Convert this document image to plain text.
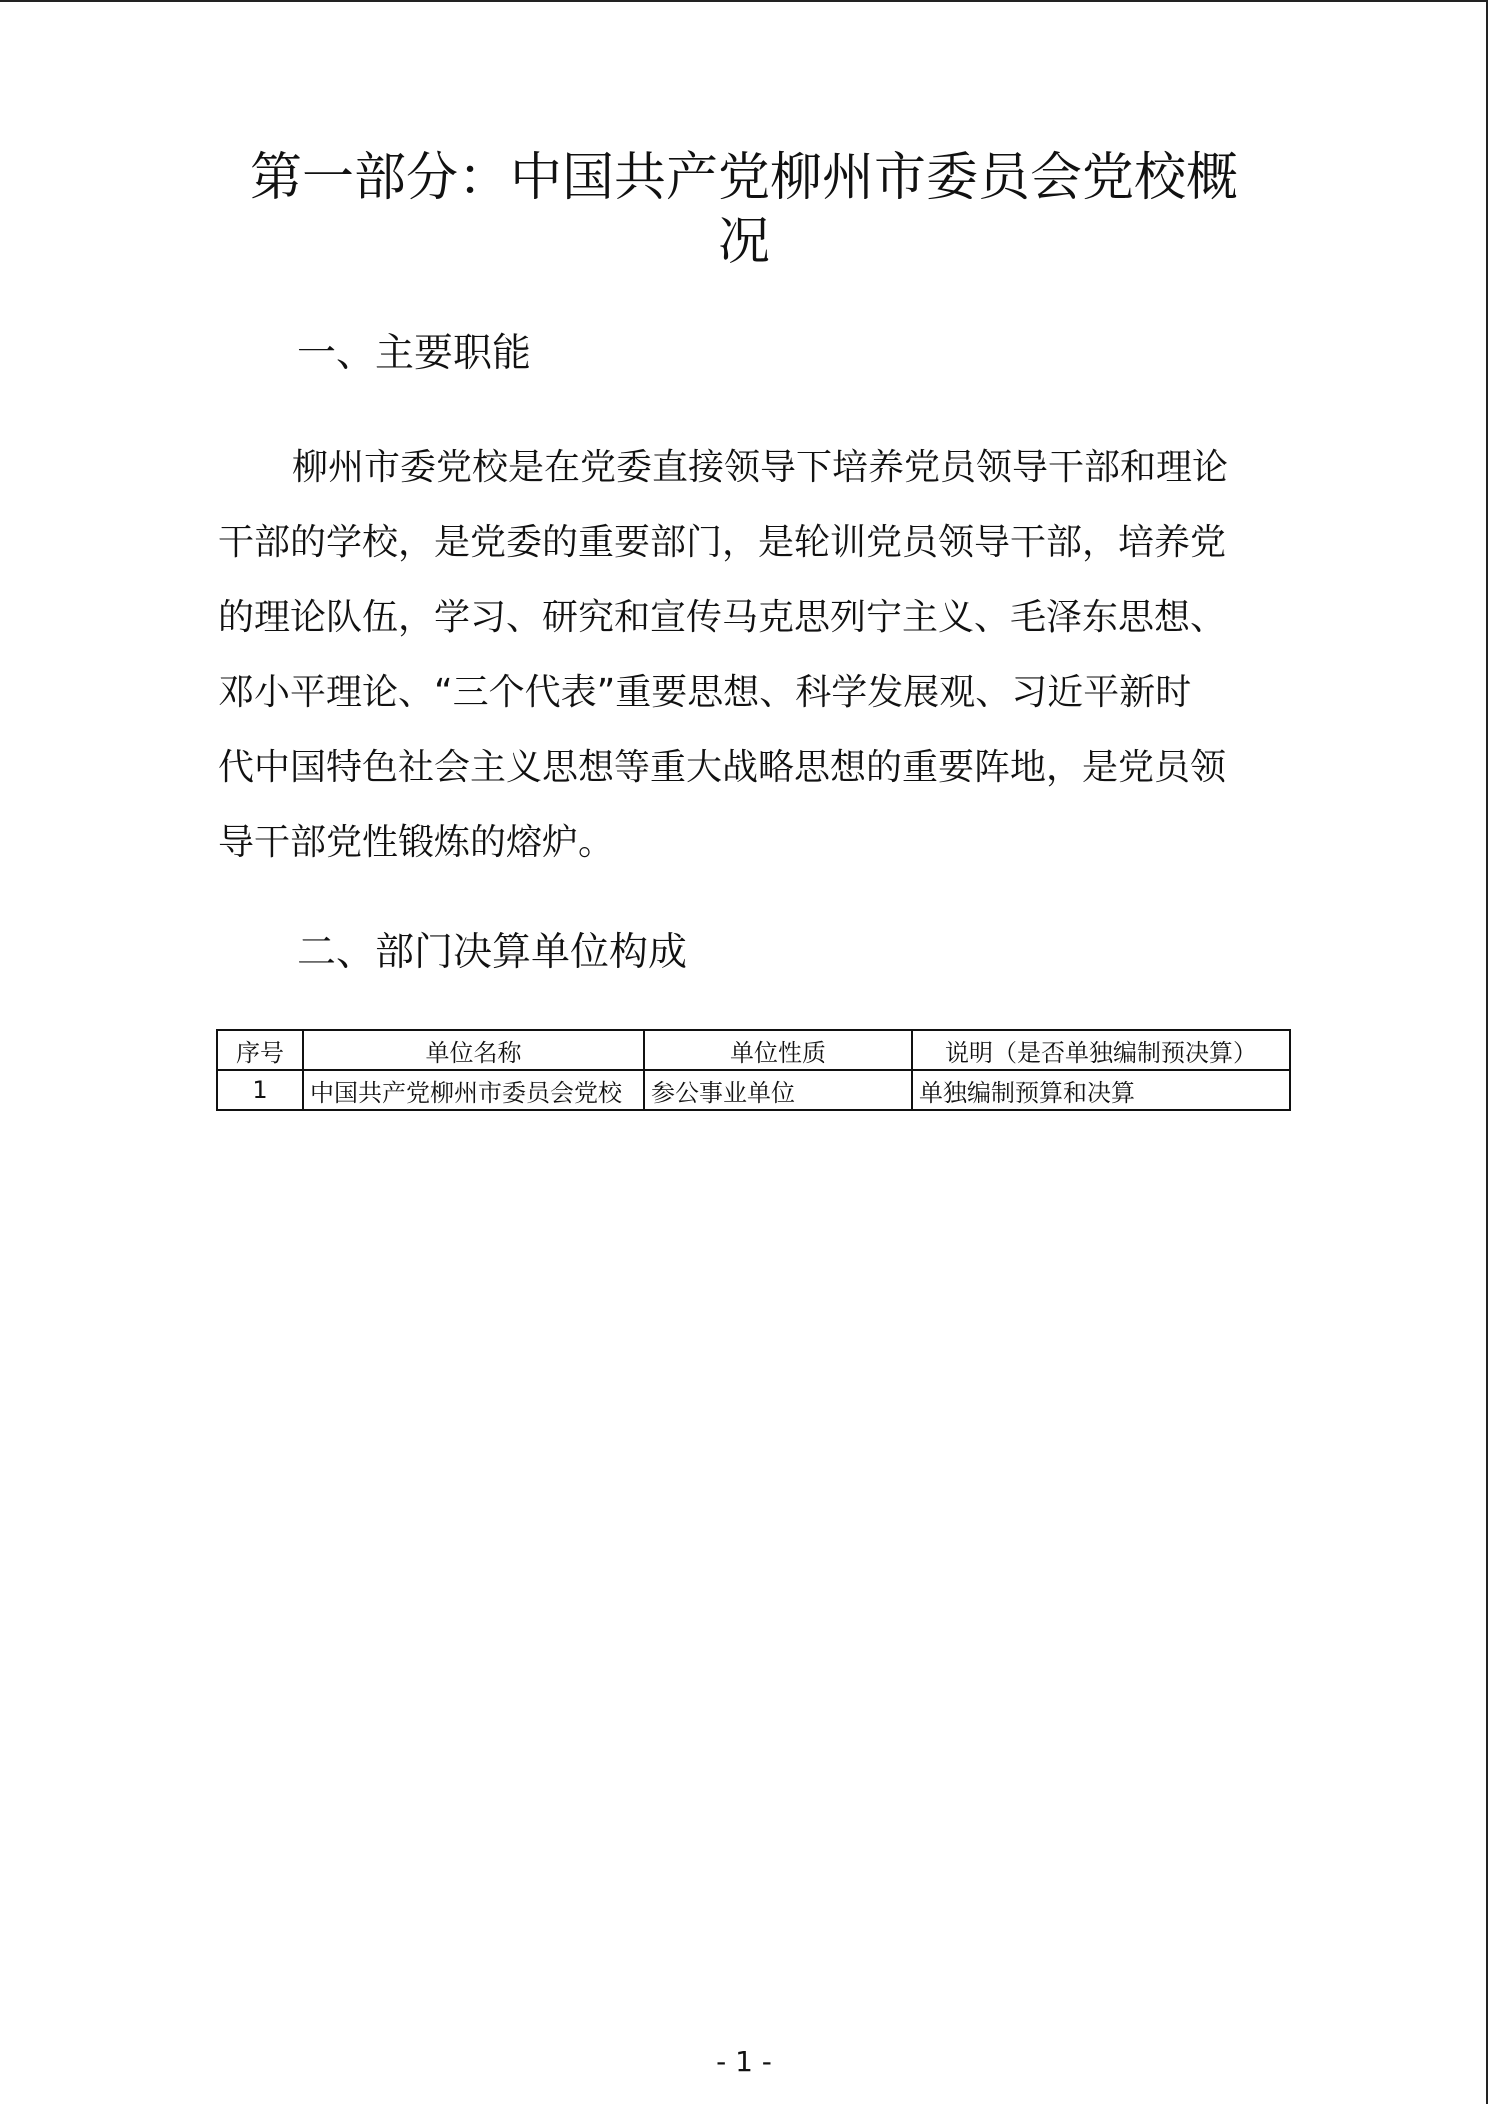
第一部分：中国共产党柳州市委员会党校概
况
一、主要职能
柳州市委党校是在党委直接领导下培养党员领导干部和理论
干部的学校，是党委的重要部门，是轮训党员领导干部，培养党
的理论队伍，学习、研究和宣传马克思列宁主义、毛泽东思想、
邓小平理论、“三个代表”重要思想、科学发展观、习近平新时
代中国特色社会主义思想等重大战略思想的重要阵地，是党员领
导干部党性锻炼的熔炉。
二、部门决算单位构成
序号	单位名称	单位性质	说明（是否单独编制预决算）
1	中国共产党柳州市委员会党校	参公事业单位	单独编制预算和决算
- 1 -
